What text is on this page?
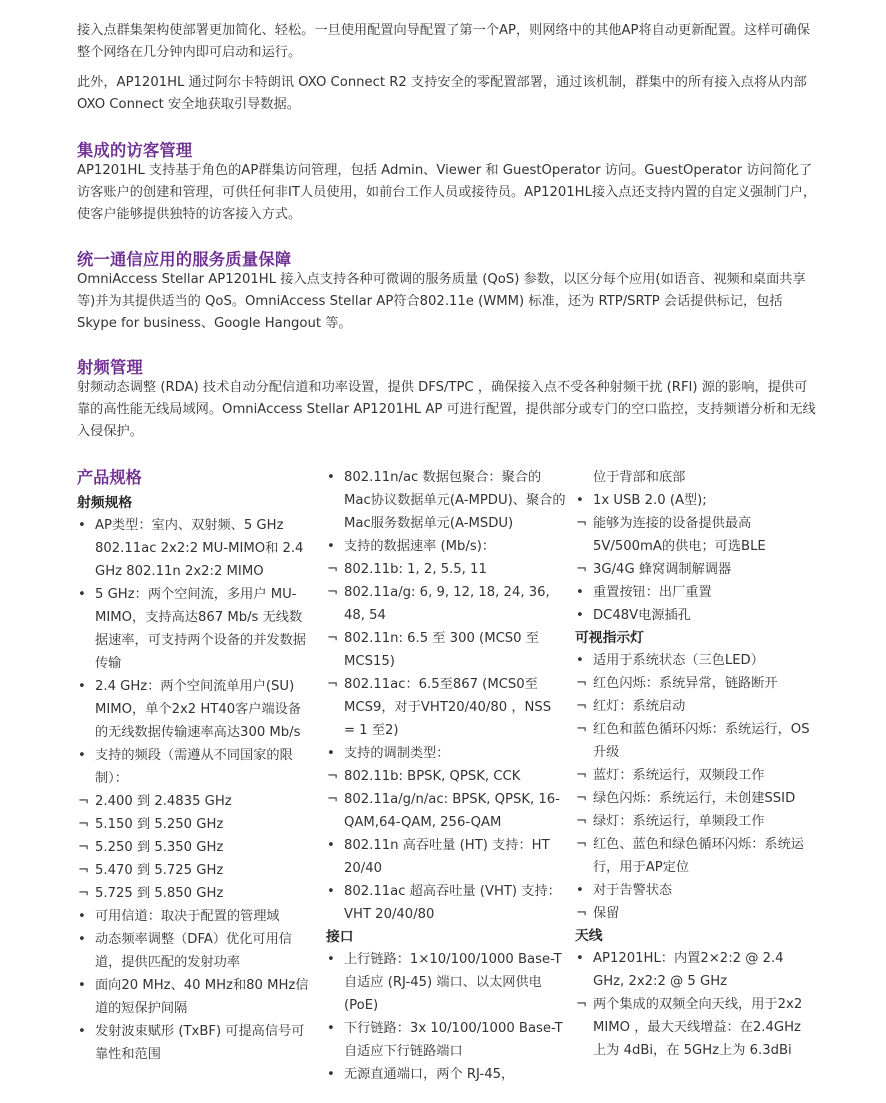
接入点群集架构使部署更加简化、轻松。一旦使用配置向导配置了第一个AP，则网络中的其他AP将自动更新配置。这样可确保整个网络在几分钟内即可启动和运行。
此外，AP1201HL 通过阿尔卡特朗讯 OXO Connect R2 支持安全的零配置部署，通过该机制，群集中的所有接入点将从内部 OXO Connect 安全地获取引导数据。
集成的访客管理
AP1201HL 支持基于角色的AP群集访问管理，包括 Admin、Viewer 和 GuestOperator 访问。GuestOperator 访问简化了访客账户的创建和管理，可供任何非IT人员使用，如前台工作人员或接待员。AP1201HL接入点还支持内置的自定义强制门户，使客户能够提供独特的访客接入方式。
统一通信应用的服务质量保障
OmniAccess Stellar AP1201HL 接入点支持各种可微调的服务质量 (QoS) 参数，以区分每个应用(如语音、视频和桌面共享等)并为其提供适当的 QoS。OmniAccess Stellar AP符合802.11e (WMM) 标准，还为 RTP/SRTP 会话提供标记，包括 Skype for business、Google Hangout 等。
射频管理
射频动态调整 (RDA) 技术自动分配信道和功率设置，提供 DFS/TPC ，确保接入点不受各种射频干扰 (RFI) 源的影响，提供可靠的高性能无线局域网。OmniAccess Stellar AP1201HL AP 可进行配置，提供部分或专门的空口监控，支持频谱分析和无线入侵保护。
产品规格
射频规格
• AP类型：室内、双射频、5 GHz 802.11ac 2x2:2 MU-MIMO和 2.4 GHz 802.11n 2x2:2 MIMO
• 5 GHz：两个空间流，多用户 MU-MIMO，支持高达867 Mb/s 无线数据速率，可支持两个设备的并发数据传输
• 2.4 GHz：两个空间流单用户(SU) MIMO，单个2x2 HT40客户端设备的无线数据传输速率高达300 Mb/s
• 支持的频段（需遵从不同国家的限制）：
¬ 2.400 到 2.4835 GHz
¬ 5.150 到 5.250 GHz
¬ 5.250 到 5.350 GHz
¬ 5.470 到 5.725 GHz
¬ 5.725 到 5.850 GHz
• 可用信道：取决于配置的管理域
• 动态频率调整（DFA）优化可用信道，提供匹配的发射功率
• 面向20 MHz、40 MHz和80 MHz信道的短保护间隔
• 发射波束赋形 (TxBF) 可提高信号可靠性和范围
• 802.11n/ac 数据包聚合：聚合的Mac协议数据单元(A-MPDU)、聚合的Mac服务数据单元(A-MSDU)
• 支持的数据速率 (Mb/s)：
¬ 802.11b: 1, 2, 5.5, 11
¬ 802.11a/g: 6, 9, 12, 18, 24, 36, 48, 54
¬ 802.11n: 6.5 至 300 (MCS0 至 MCS15)
¬ 802.11ac：6.5至867 (MCS0至MCS9，对于VHT20/40/80 ，NSS = 1 至2)
• 支持的调制类型：
¬ 802.11b: BPSK, QPSK, CCK
¬ 802.11a/g/n/ac: BPSK, QPSK, 16-QAM,64-QAM, 256-QAM
• 802.11n 高吞吐量 (HT) 支持：HT 20/40
• 802.11ac 超高吞吐量 (VHT) 支持：VHT 20/40/80
接口
• 上行链路：1×10/100/1000 Base-T 自适应 (RJ-45) 端口、以太网供电 (PoE)
• 下行链路：3x 10/100/1000 Base-T 自适应下行链路端口
• 无源直通端口，两个 RJ-45，
位于背部和底部
• 1x USB 2.0 (A型);
¬ 能够为连接的设备提供最高5V/500mA的供电；可选BLE
¬ 3G/4G 蜂窝调制解调器
• 重置按钮：出厂重置
• DC48V电源插孔
可视指示灯
• 适用于系统状态（三色LED）
¬ 红色闪烁：系统异常，链路断开
¬ 红灯：系统启动
¬ 红色和蓝色循环闪烁：系统运行，OS升级
¬ 蓝灯：系统运行，双频段工作
¬ 绿色闪烁：系统运行，未创建SSID
¬ 绿灯：系统运行，单频段工作
¬ 红色、蓝色和绿色循环闪烁：系统运行，用于AP定位
• 对于告警状态
¬ 保留
天线
• AP1201HL：内置2×2:2 @ 2.4 GHz, 2x2:2 @ 5 GHz
¬ 两个集成的双频全向天线，用于2x2 MIMO ，最大天线增益：在2.4GHz 上为 4dBi，在 5GHz上为 6.3dBi
